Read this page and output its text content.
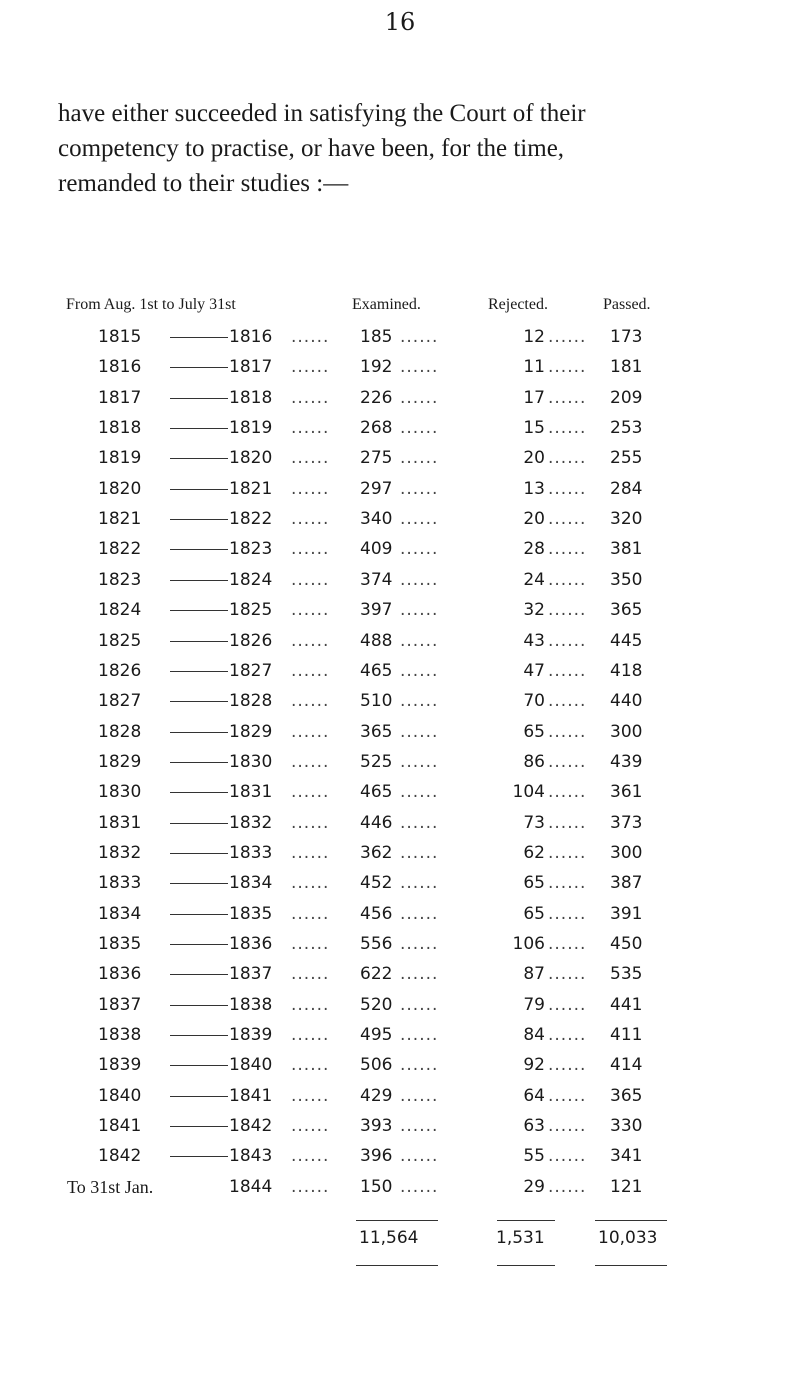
16

have either succeeded in satisfying the Court of their

competency to practise, or have been, for the time,

remanded to their studies :—

From Aug. 1st to July 31st	Examined.	Rejected.	Passed.
1815	1816 ...... 185 ......	12 ...... 173
1816	1817 ...... 192 ......	11 ...... 181
1817	1818 ...... 226 ......	17 ...... 209
1818	1819 ...... 268 ......	15 ...... 253
1819	1820 ...... 275 ......	20 ...... 255
1820	1821 ...... 297 ......	13 ...... 284
1821	1822 ...... 340 ......	20 ...... 320
1822	1823 ...... 409 ......	28 ...... 381
1823	1824 ...... 374 ......	24 ...... 350
1824	1825 ...... 397 ......	32 ...... 365
1825	1826 ...... 488 ......	43 ...... 445
1826	1827 ...... 465 ......	47 ...... 418
1827	1828 ...... 510 ......	70 ...... 440
1828	1829 ...... 365 ......	65 ...... 300
1829	1830 ...... 525 ......	86 ...... 439
1830	1831 ...... 465 ......	104 ...... 361
1831	1832 ...... 446 ......	73 ...... 373
1832	1833 ...... 362 ......	62 ...... 300
1833	1834 ...... 452 ......	65 ...... 387
1834	1835 ...... 456 ......	65 ...... 391
1835	1836 ...... 556 ......	106 ...... 450
1836	1837 ...... 622 ......	87 ...... 535
1837	1838 ...... 520 ......	79 ...... 441
1838	1839 ...... 495 ......	84 ...... 411
1839	1840 ...... 506 ......	92 ...... 414
1840	1841 ...... 429 ......	64 ...... 365
1841	1842 ...... 393 ......	63 ...... 330
1842	1843 ...... 396 ......	55 ...... 341
To 31st Jan.	1844 ...... 150 ......	29 ...... 121
11,564	1,531	10,033
